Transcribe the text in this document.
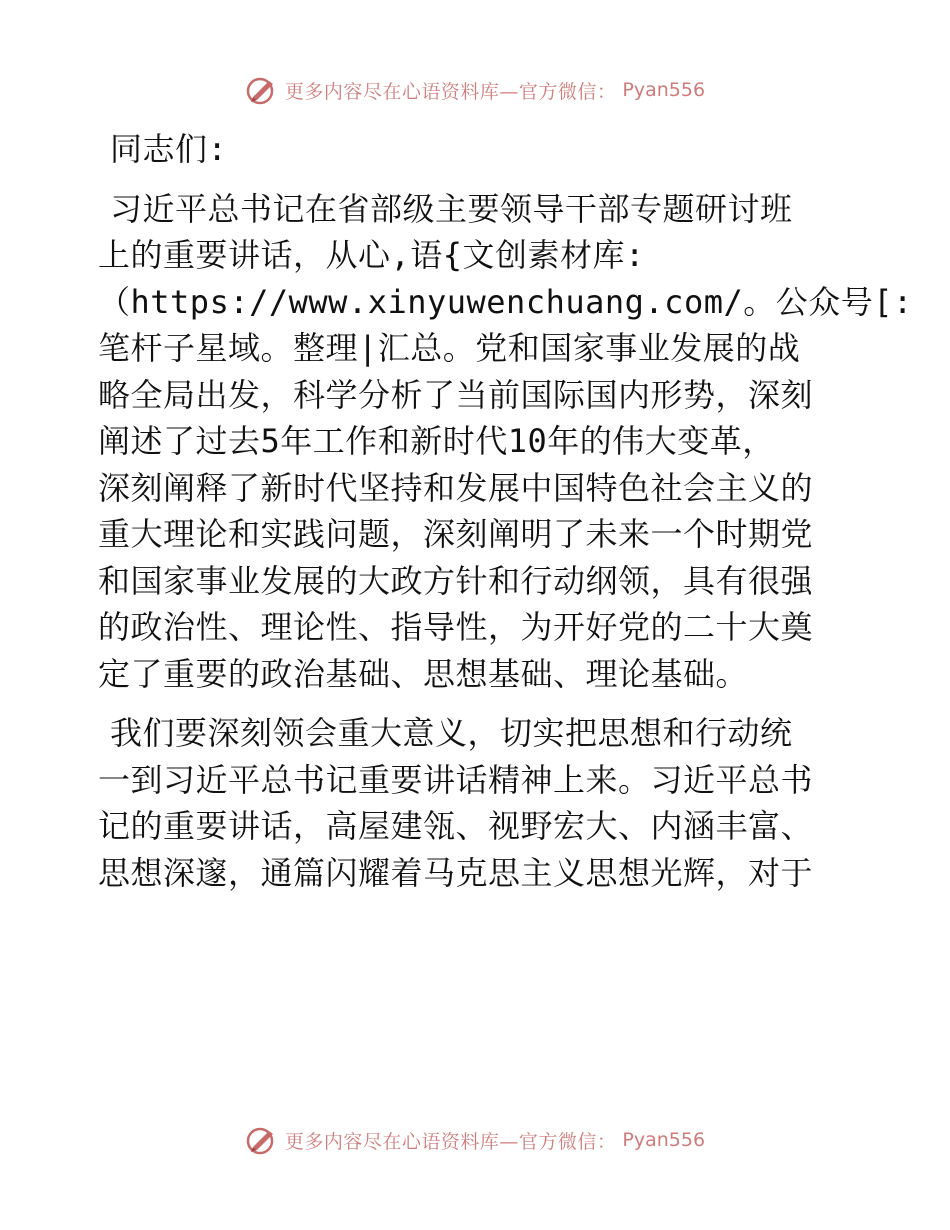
更多内容尽在心语资料库—官方微信： Pyan556
同志们:
习近平总书记在省部级主要领导干部专题研讨班
上的重要讲话，从心,语{文创素材库:
（https://www.xinyuwenchuang.com/。公众号[:
笔杆子星域。整理|汇总。党和国家事业发展的战
略全局出发，科学分析了当前国际国内形势，深刻
阐述了过去5年工作和新时代10年的伟大变革，
深刻阐释了新时代坚持和发展中国特色社会主义的
重大理论和实践问题，深刻阐明了未来一个时期党
和国家事业发展的大政方针和行动纲领，具有很强
的政治性、理论性、指导性，为开好党的二十大奠
定了重要的政治基础、思想基础、理论基础。
我们要深刻领会重大意义，切实把思想和行动统
一到习近平总书记重要讲话精神上来。习近平总书
记的重要讲话，高屋建瓴、视野宏大、内涵丰富、
思想深邃，通篇闪耀着马克思主义思想光辉，对于
更多内容尽在心语资料库—官方微信： Pyan556
